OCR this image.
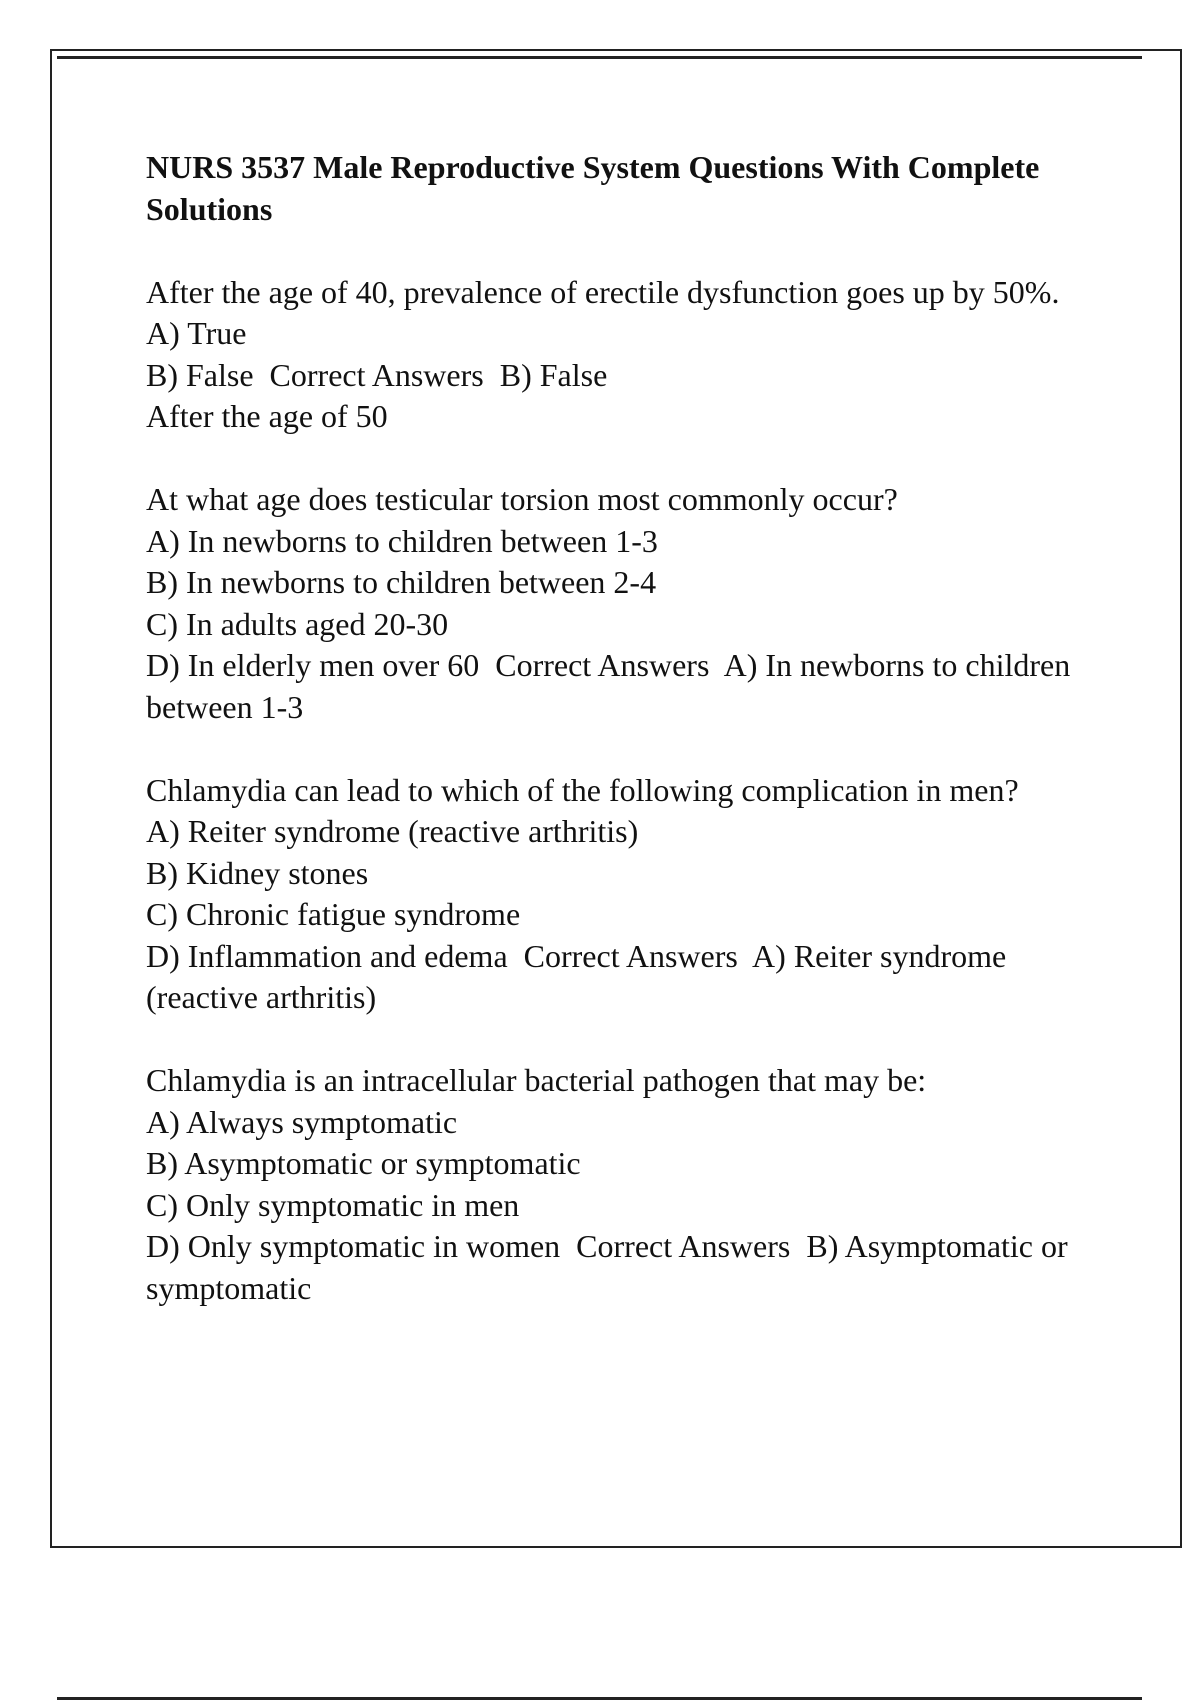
NURS 3537 Male Reproductive System Questions With Complete Solutions
After the age of 40, prevalence of erectile dysfunction goes up by 50%.
A) True
B) False  Correct Answers  B) False
After the age of 50
At what age does testicular torsion most commonly occur?
A) In newborns to children between 1-3
B) In newborns to children between 2-4
C) In adults aged 20-30
D) In elderly men over 60  Correct Answers  A) In newborns to children between 1-3
Chlamydia can lead to which of the following complication in men?
A) Reiter syndrome (reactive arthritis)
B) Kidney stones
C) Chronic fatigue syndrome
D) Inflammation and edema  Correct Answers  A) Reiter syndrome (reactive arthritis)
Chlamydia is an intracellular bacterial pathogen that may be:
A) Always symptomatic
B) Asymptomatic or symptomatic
C) Only symptomatic in men
D) Only symptomatic in women  Correct Answers  B) Asymptomatic or symptomatic
